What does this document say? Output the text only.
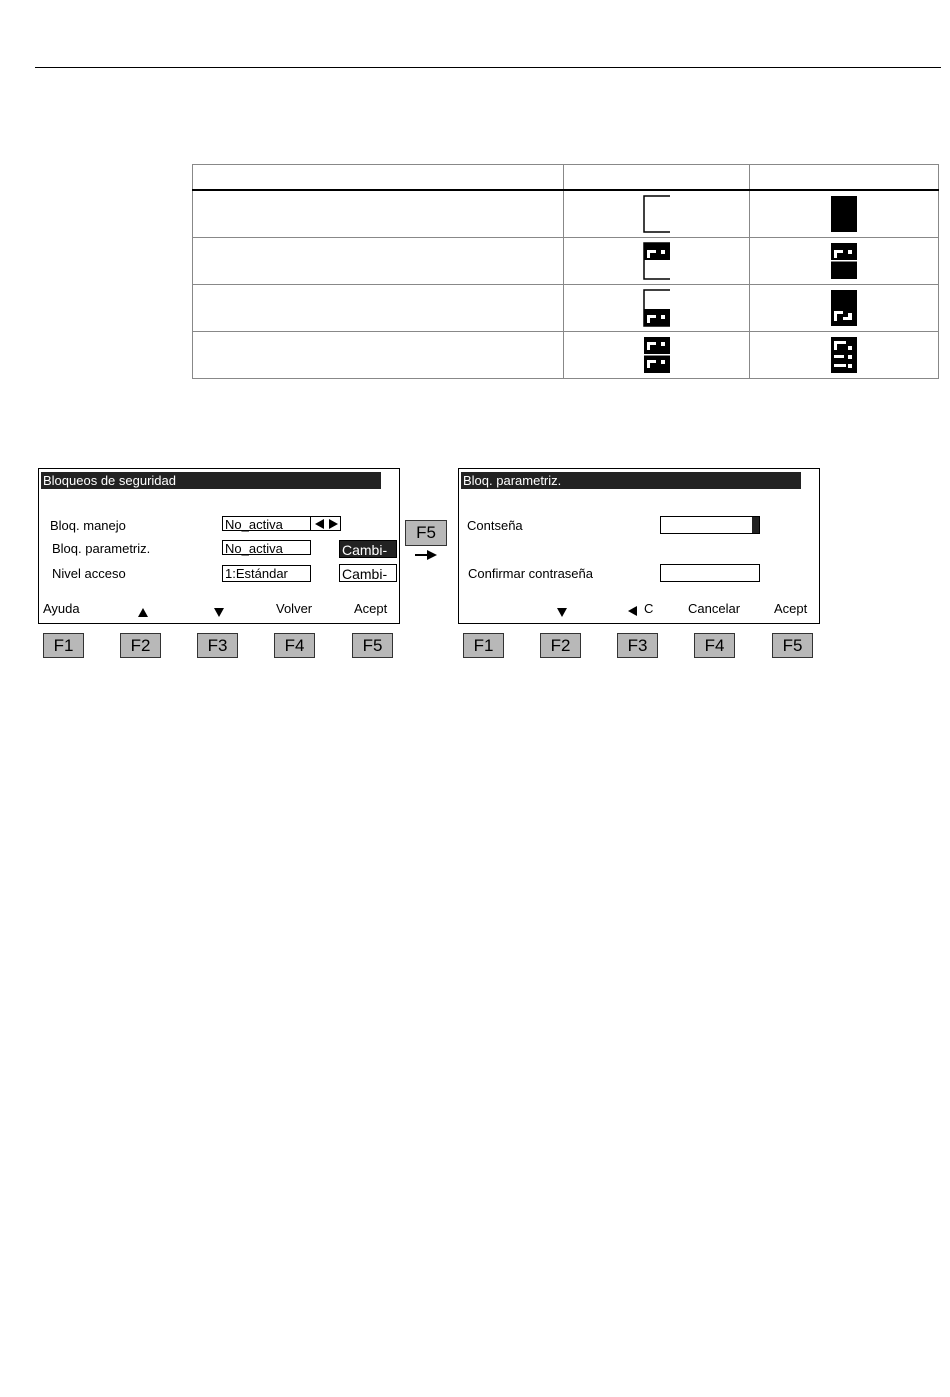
Bloqueos de seguridad
Bloq. manejo	No_activa
Bloq. parametriz.	No_activa	Cambi-
Nivel acceso	1:Estándar	Cambi-
Ayuda	Volver	Acept
F5
Bloq. parametriz.
Contseña
Confirmar contraseña
C	Cancelar	Acept
F1	F2	F3	F4	F5	F1	F2	F3	F4	F5
